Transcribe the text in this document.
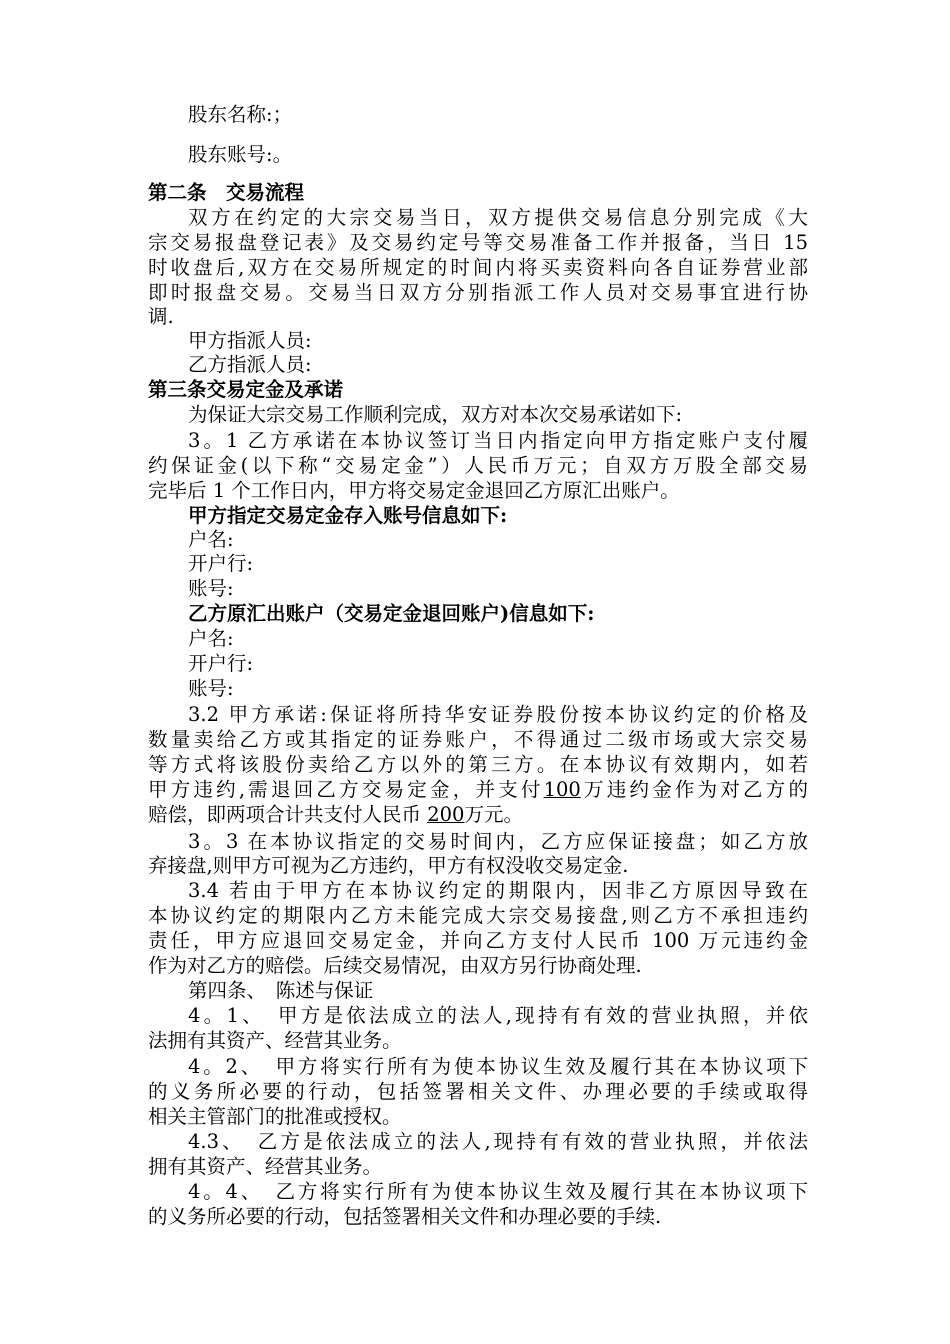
股东名称:；
股东账号:。
第二条　交易流程
双方在约定的大宗交易当日，双方提供交易信息分别完成《大
宗交易报盘登记表》及交易约定号等交易准备工作并报备，当日 15
时收盘后,双方在交易所规定的时间内将买卖资料向各自证券营业部
即时报盘交易。交易当日双方分别指派工作人员对交易事宜进行协
调.
甲方指派人员:
乙方指派人员:
第三条交易定金及承诺
为保证大宗交易工作顺利完成，双方对本次交易承诺如下:
3。1 乙方承诺在本协议签订当日内指定向甲方指定账户支付履
约保证金(以下称“交易定金”）人民币万元；自双方万股全部交易
完毕后 1 个工作日内，甲方将交易定金退回乙方原汇出账户。
甲方指定交易定金存入账号信息如下:
户名:
开户行:
账号:
乙方原汇出账户（交易定金退回账户)信息如下:
户名:
开户行:
账号:
3.2 甲方承诺:保证将所持华安证券股份按本协议约定的价格及
数量卖给乙方或其指定的证券账户，不得通过二级市场或大宗交易
等方式将该股份卖给乙方以外的第三方。在本协议有效期内，如若
甲方违约,需退回乙方交易定金，并支付100万违约金作为对乙方的
赔偿，即两项合计共支付人民币 200万元。
3。3 在本协议指定的交易时间内，乙方应保证接盘；如乙方放
弃接盘,则甲方可视为乙方违约，甲方有权没收交易定金.
3.4 若由于甲方在本协议约定的期限内，因非乙方原因导致在
本协议约定的期限内乙方未能完成大宗交易接盘,则乙方不承担违约
责任，甲方应退回交易定金，并向乙方支付人民币 100 万元违约金
作为对乙方的赔偿。后续交易情况，由双方另行协商处理.
第四条、　陈述与保证
4。1、　甲方是依法成立的法人,现持有有效的营业执照，并依
法拥有其资产、经营其业务。
4。2、　甲方将实行所有为使本协议生效及履行其在本协议项下
的义务所必要的行动，包括签署相关文件、办理必要的手续或取得
相关主管部门的批准或授权。
4.3、　乙方是依法成立的法人,现持有有效的营业执照，并依法
拥有其资产、经营其业务。
4。4、　乙方将实行所有为使本协议生效及履行其在本协议项下
的义务所必要的行动，包括签署相关文件和办理必要的手续.
